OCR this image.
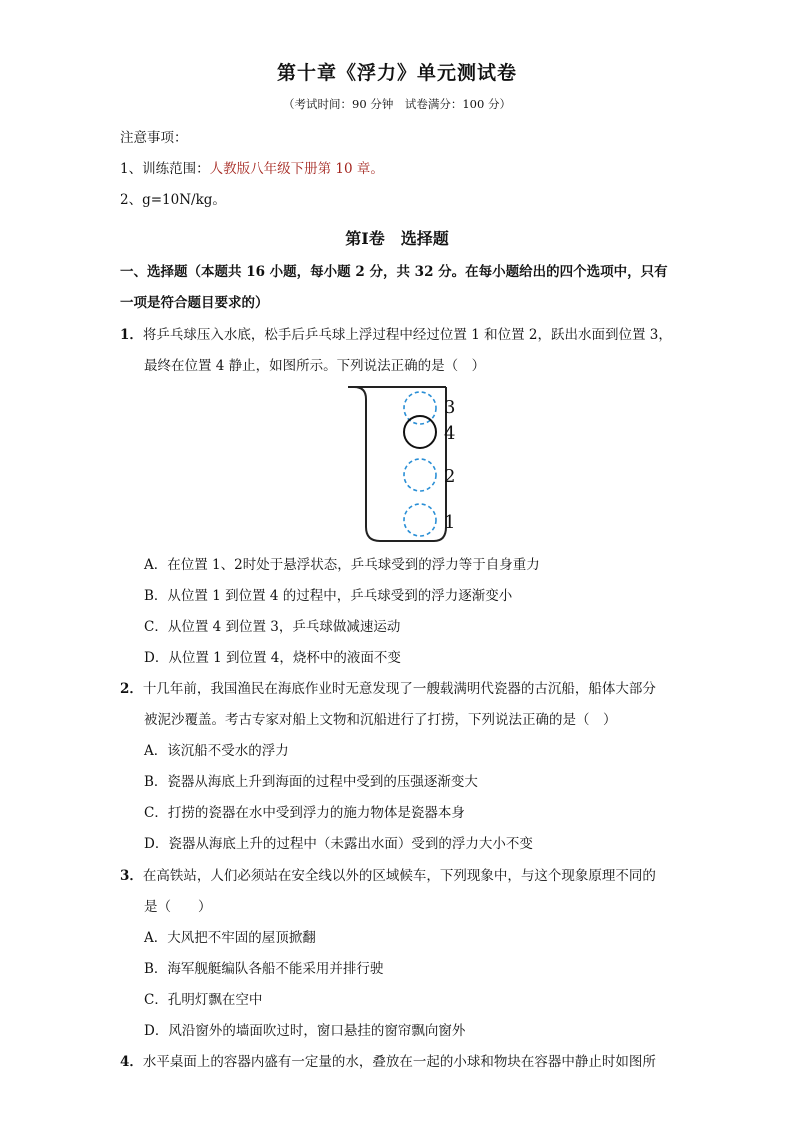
第十章《浮力》单元测试卷
（考试时间：90 分钟　试卷满分：100 分）
注意事项：
1、训练范围：人教版八年级下册第 10 章。
2、g=10N/kg。
第Ⅰ卷　选择题
一、选择题（本题共 16 小题，每小题 2 分，共 32 分。在每小题给出的四个选项中，只有
一项是符合题目要求的）
1．将乒乓球压入水底，松手后乒乓球上浮过程中经过位置 1 和位置 2，跃出水面到位置 3，
最终在位置 4 静止，如图所示。下列说法正确的是（　）
3
4
2
1
A．在位置 1、2时处于悬浮状态，乒乓球受到的浮力等于自身重力
B．从位置 1 到位置 4 的过程中，乒乓球受到的浮力逐渐变小
C．从位置 4 到位置 3，乒乓球做减速运动
D．从位置 1 到位置 4，烧杯中的液面不变
2．十几年前，我国渔民在海底作业时无意发现了一艘载满明代瓷器的古沉船，船体大部分
被泥沙覆盖。考古专家对船上文物和沉船进行了打捞，下列说法正确的是（　）
A．该沉船不受水的浮力
B．瓷器从海底上升到海面的过程中受到的压强逐渐变大
C．打捞的瓷器在水中受到浮力的施力物体是瓷器本身
D．瓷器从海底上升的过程中（未露出水面）受到的浮力大小不变
3．在高铁站，人们必须站在安全线以外的区域候车，下列现象中，与这个现象原理不同的
是（　　）
A．大风把不牢固的屋顶掀翻
B．海军舰艇编队各船不能采用并排行驶
C．孔明灯飘在空中
D．风沿窗外的墙面吹过时，窗口悬挂的窗帘飘向窗外
4．水平桌面上的容器内盛有一定量的水，叠放在一起的小球和物块在容器中静止时如图所
